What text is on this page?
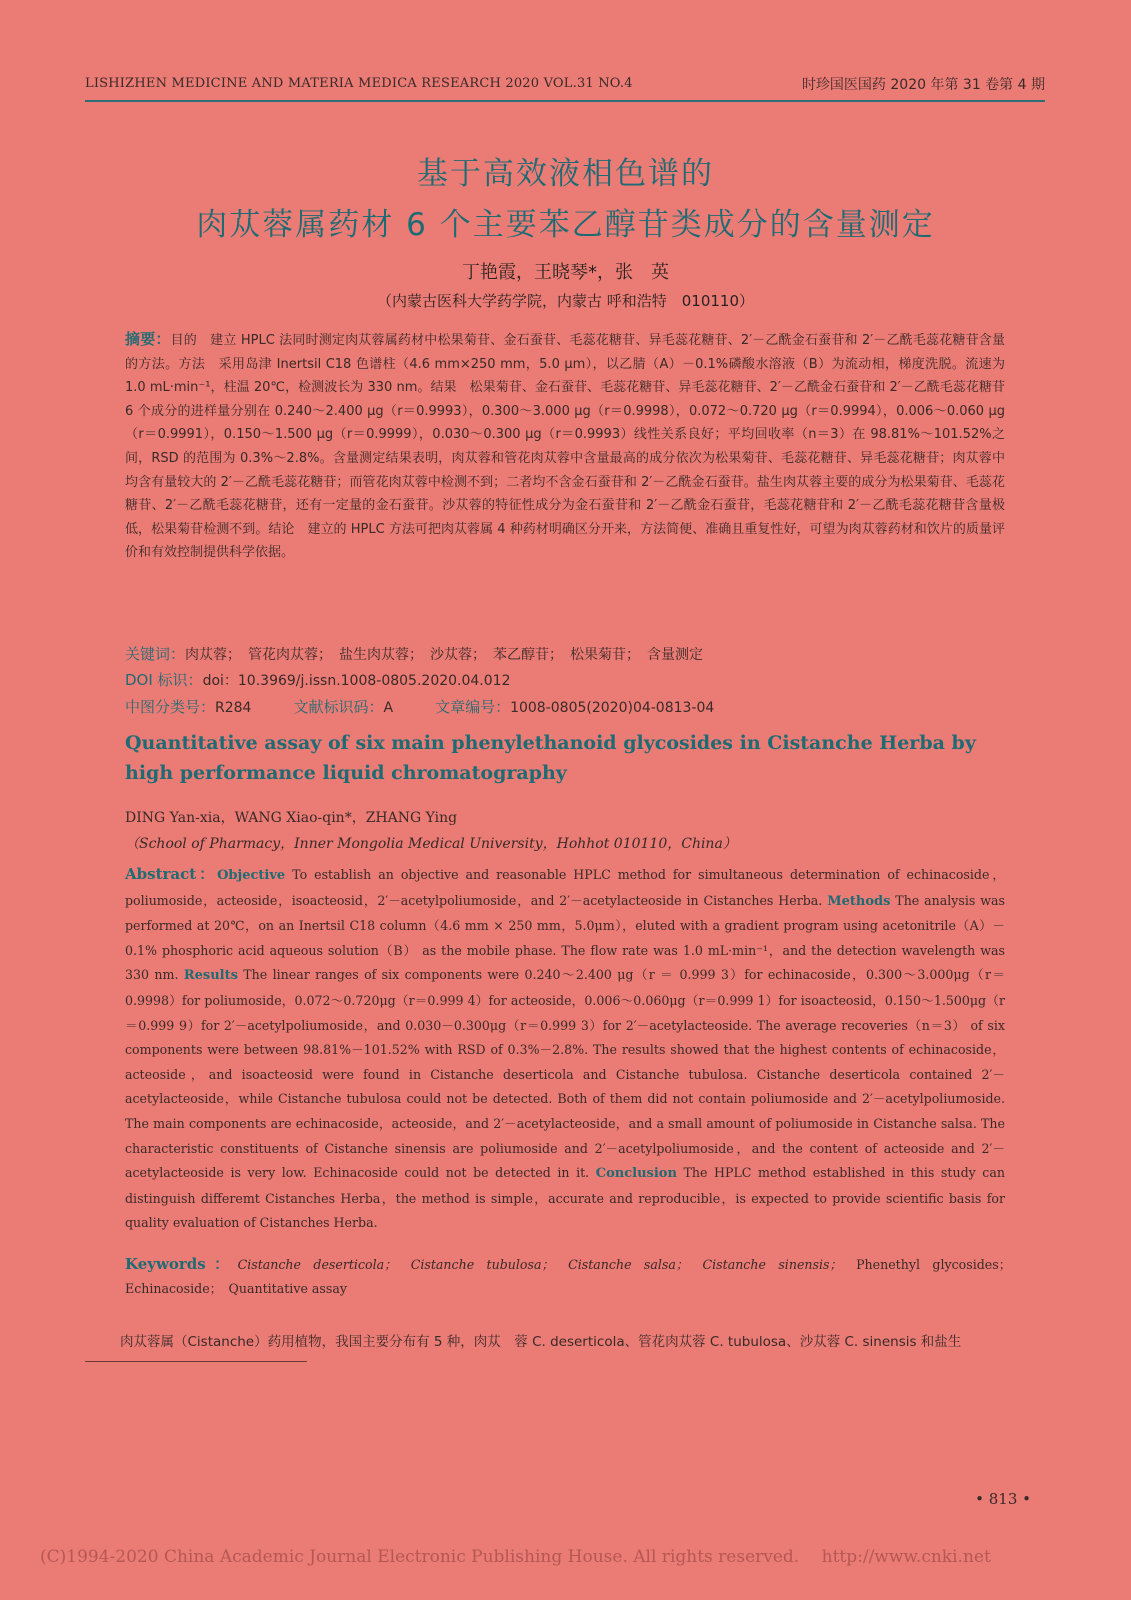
LISHIZHEN MEDICINE AND MATERIA MEDICA RESEARCH 2020 VOL.31 NO.4	时珍国医国药 2020 年第 31 卷第 4 期
基于高效液相色谱的
肉苁蓉属药材 6 个主要苯乙醇苷类成分的含量测定
丁艳霞，王晓琴*，张　英
（内蒙古医科大学药学院，内蒙古 呼和浩特　010110）
摘要：目的　建立 HPLC 法同时测定肉苁蓉属药材中松果菊苷、金石蚕苷、毛蕊花糖苷、异毛蕊花糖苷、2′－乙酰金石蚕苷和 2′－乙酰毛蕊花糖苷含量的方法。方法　采用岛津 Inertsil C18 色谱柱（4.6 mm×250 mm，5.0 μm），以乙腈（A）－0.1%磷酸水溶液（B）为流动相，梯度洗脱。流速为 1.0 mL·min⁻¹，柱温 20℃，检测波长为 330 nm。结果　松果菊苷、金石蚕苷、毛蕊花糖苷、异毛蕊花糖苷、2′－乙酰金石蚕苷和 2′－乙酰毛蕊花糖苷 6 个成分的进样量分别在 0.240～2.400 μg（r＝0.9993），0.300～3.000 μg（r＝0.9998），0.072～0.720 μg（r＝0.9994），0.006～0.060 μg（r＝0.9991），0.150～1.500 μg（r＝0.9999），0.030～0.300 μg（r＝0.9993）线性关系良好；平均回收率（n＝3）在 98.81%～101.52%之间，RSD 的范围为 0.3%～2.8%。含量测定结果表明，肉苁蓉和管花肉苁蓉中含量最高的成分依次为松果菊苷、毛蕊花糖苷、异毛蕊花糖苷；肉苁蓉中均含有量较大的 2′－乙酰毛蕊花糖苷；而管花肉苁蓉中检测不到；二者均不含金石蚕苷和 2′－乙酰金石蚕苷。盐生肉苁蓉主要的成分为松果菊苷、毛蕊花糖苷、2′－乙酰毛蕊花糖苷，还有一定量的金石蚕苷。沙苁蓉的特征性成分为金石蚕苷和 2′－乙酰金石蚕苷，毛蕊花糖苷和 2′－乙酰毛蕊花糖苷含量极低，松果菊苷检测不到。结论　建立的 HPLC 方法可把肉苁蓉属 4 种药材明确区分开来，方法简便、准确且重复性好，可望为肉苁蓉药材和饮片的质量评价和有效控制提供科学依据。
关键词：肉苁蓉；　管花肉苁蓉；　盐生肉苁蓉；　沙苁蓉；　苯乙醇苷；　松果菊苷；　含量测定
DOI 标识：doi：10.3969/j.issn.1008-0805.2020.04.012
中图分类号：R284	文献标识码：A	文章编号：1008-0805(2020)04-0813-04
Quantitative assay of six main phenylethanoid glycosides in Cistanche Herba by high performance liquid chromatography
DING Yan-xia，WANG Xiao-qin*，ZHANG Ying
（School of Pharmacy，Inner Mongolia Medical University，Hohhot 010110，China）
Abstract：Objective To establish an objective and reasonable HPLC method for simultaneous determination of echinacoside，poliumoside，acteoside，isoacteosid，2′－acetylpoliumoside，and 2′－acetylacteoside in Cistanches Herba. Methods The analysis was performed at 20℃，on an Inertsil C18 column（4.6 mm × 250 mm，5.0μm），eluted with a gradient program using acetonitrile（A）－0.1% phosphoric acid aqueous solution（B） as the mobile phase. The flow rate was 1.0 mL·min⁻¹，and the detection wavelength was 330 nm. Results The linear ranges of six components were 0.240～2.400 μg（r ＝ 0.999 3）for echinacoside，0.300～3.000μg（r＝0.9998）for poliumoside，0.072～0.720μg（r＝0.999 4）for acteoside，0.006～0.060μg（r＝0.999 1）for isoacteosid，0.150～1.500μg（r＝0.999 9）for 2′－acetylpoliumoside，and 0.030－0.300μg（r＝0.999 3）for 2′－acetylacteoside. The average recoveries（n＝3） of six components were between 98.81%－101.52% with RSD of 0.3%－2.8%. The results showed that the highest contents of echinacoside，acteoside，and isoacteosid were found in Cistanche deserticola and Cistanche tubulosa. Cistanche deserticola contained 2′－ acetylacteoside，while Cistanche tubulosa could not be detected. Both of them did not contain poliumoside and 2′－acetylpoliumoside. The main components are echinacoside，acteoside，and 2′－acetylacteoside，and a small amount of poliumoside in Cistanche salsa. The characteristic constituents of Cistanche sinensis are poliumoside and 2′－acetylpoliumoside，and the content of acteoside and 2′－acetylacteoside is very low. Echinacoside could not be detected in it. Conclusion The HPLC method established in this study can distinguish differemt Cistanches Herba，the method is simple，accurate and reproducible，is expected to provide scientific basis for quality evaluation of Cistanches Herba.
Keywords：Cistanche deserticola； Cistanche tubulosa； Cistanche salsa； Cistanche sinensis； Phenethyl glycosides；　Echinacoside；　Quantitative assay
肉苁蓉属（Cistanche）药用植物，我国主要分布有 5 种，肉苁　蓉 C. deserticola、管花肉苁蓉 C. tubulosa、沙苁蓉 C. sinensis 和盐生
• 813 •
(C)1994-2020 China Academic Journal Electronic Publishing House. All rights reserved.　 http://www.cnki.net
